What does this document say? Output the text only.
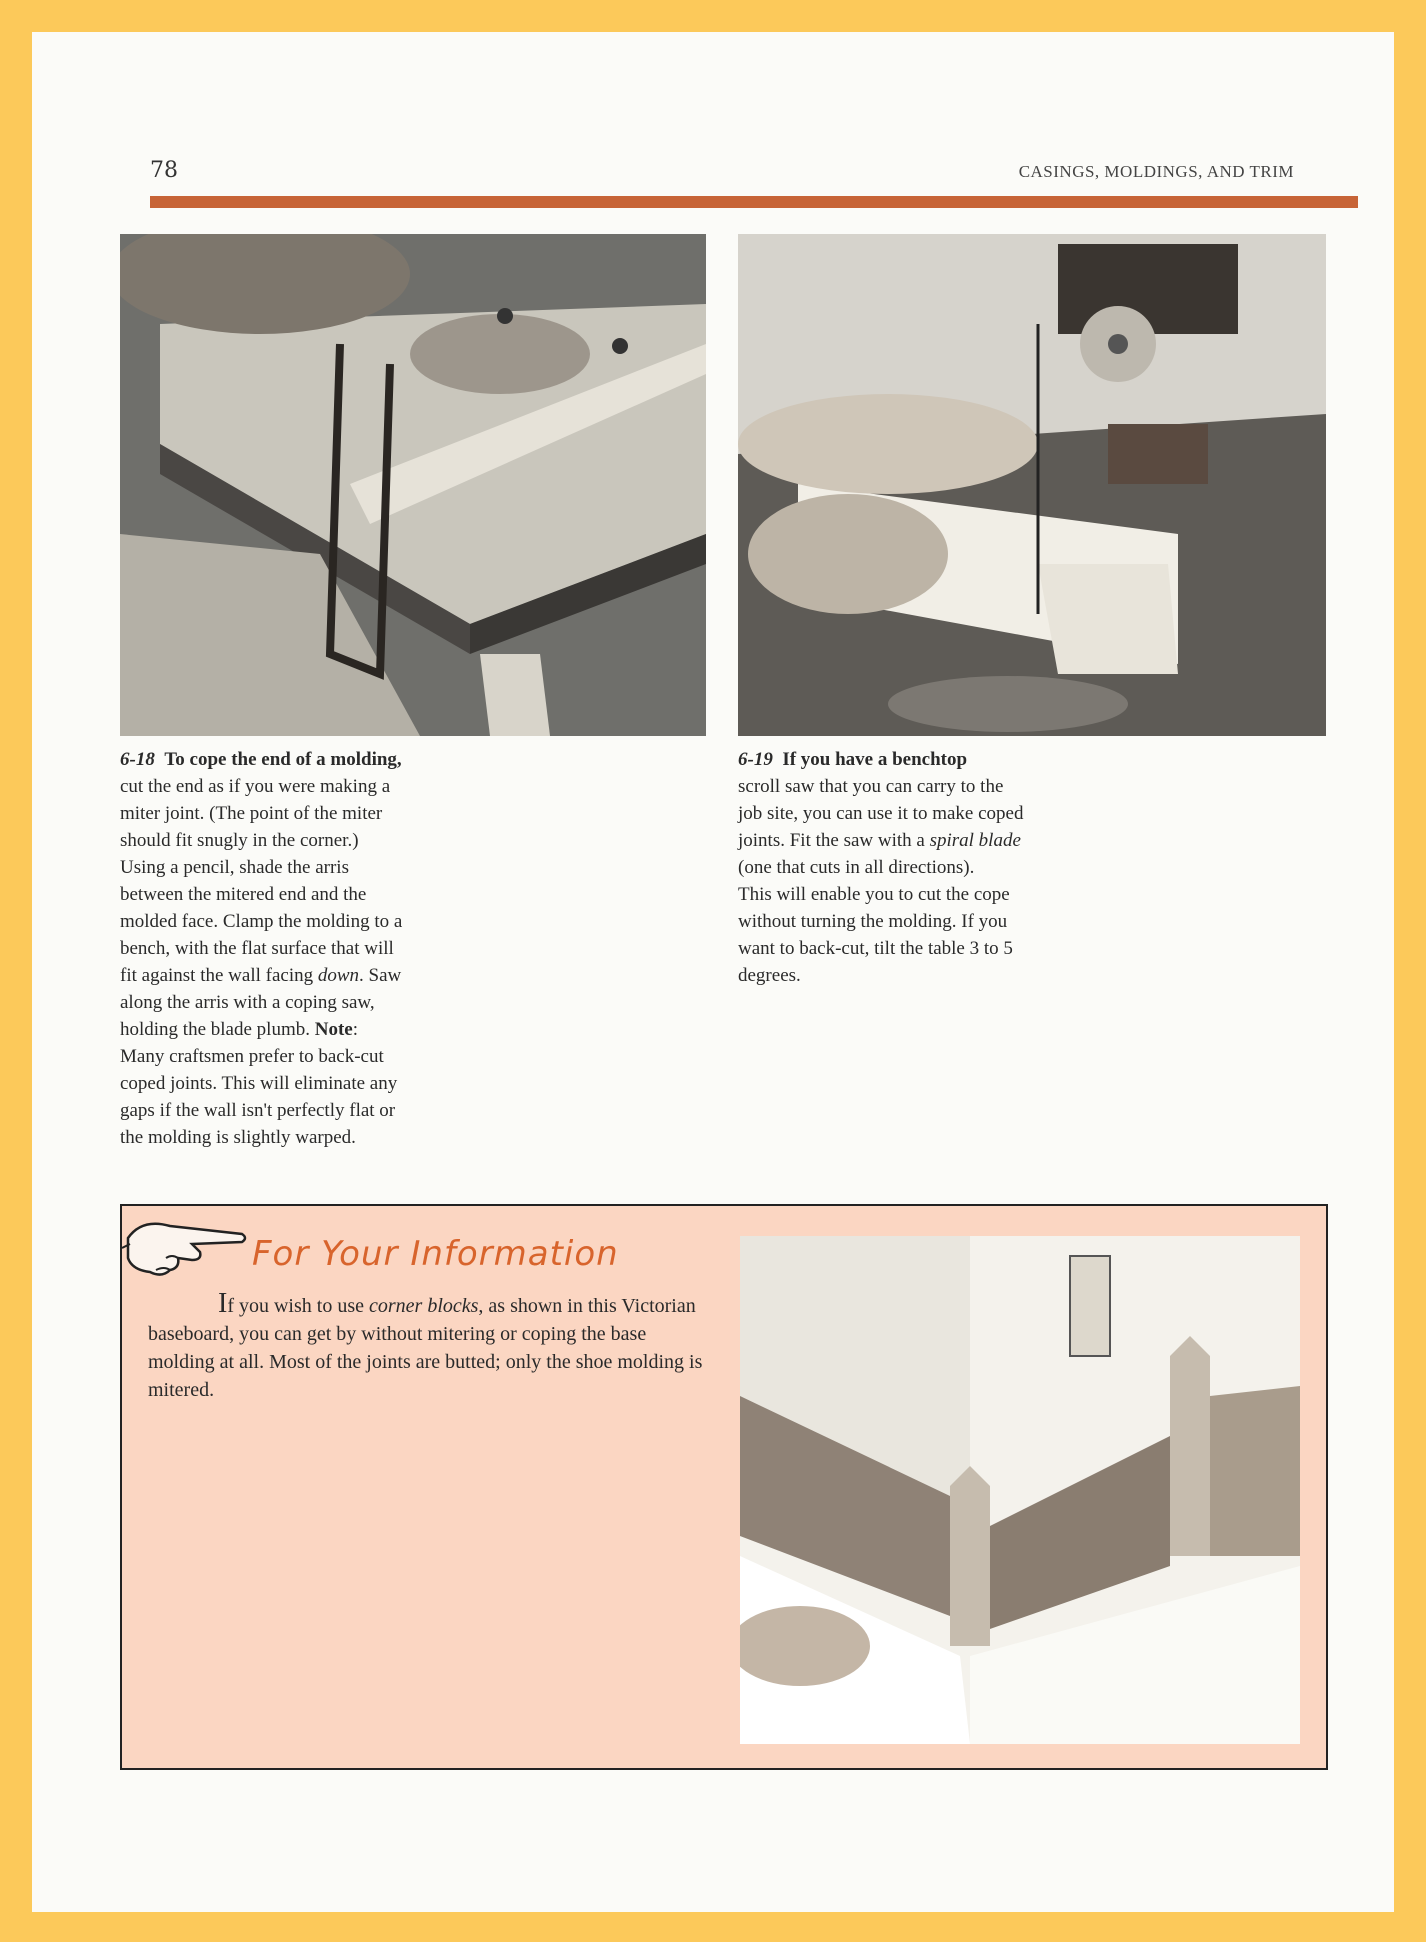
78	CASINGS, MOLDINGS, AND TRIM

6-18 To cope the end of a molding,

cut the end as if you were making a

miter joint. (The point of the miter

should fit snugly in the corner.)

Using a pencil, shade the arris

between the mitered end and the

molded face. Clamp the molding to a

bench, with the flat surface that will

fit against the wall facing down. Saw

along the arris with a coping saw,

holding the blade plumb. Note:

Many craftsmen prefer to back-cut

coped joints. This will eliminate any

gaps if the wall isn't perfectly flat or

the molding is slightly warped.

6-19 If you have a benchtop

scroll saw that you can carry to the

job site, you can use it to make coped

joints. Fit the saw with a spiral blade

(one that cuts in all directions).

This will enable you to cut the cope

without turning the molding. If you

want to back-cut, tilt the table 3 to 5

degrees.

For Your Information

If you wish to use corner blocks, as shown in this Victorian baseboard, you can get by without mitering or coping the base molding at all. Most of the joints are butted; only the shoe molding is mitered.
